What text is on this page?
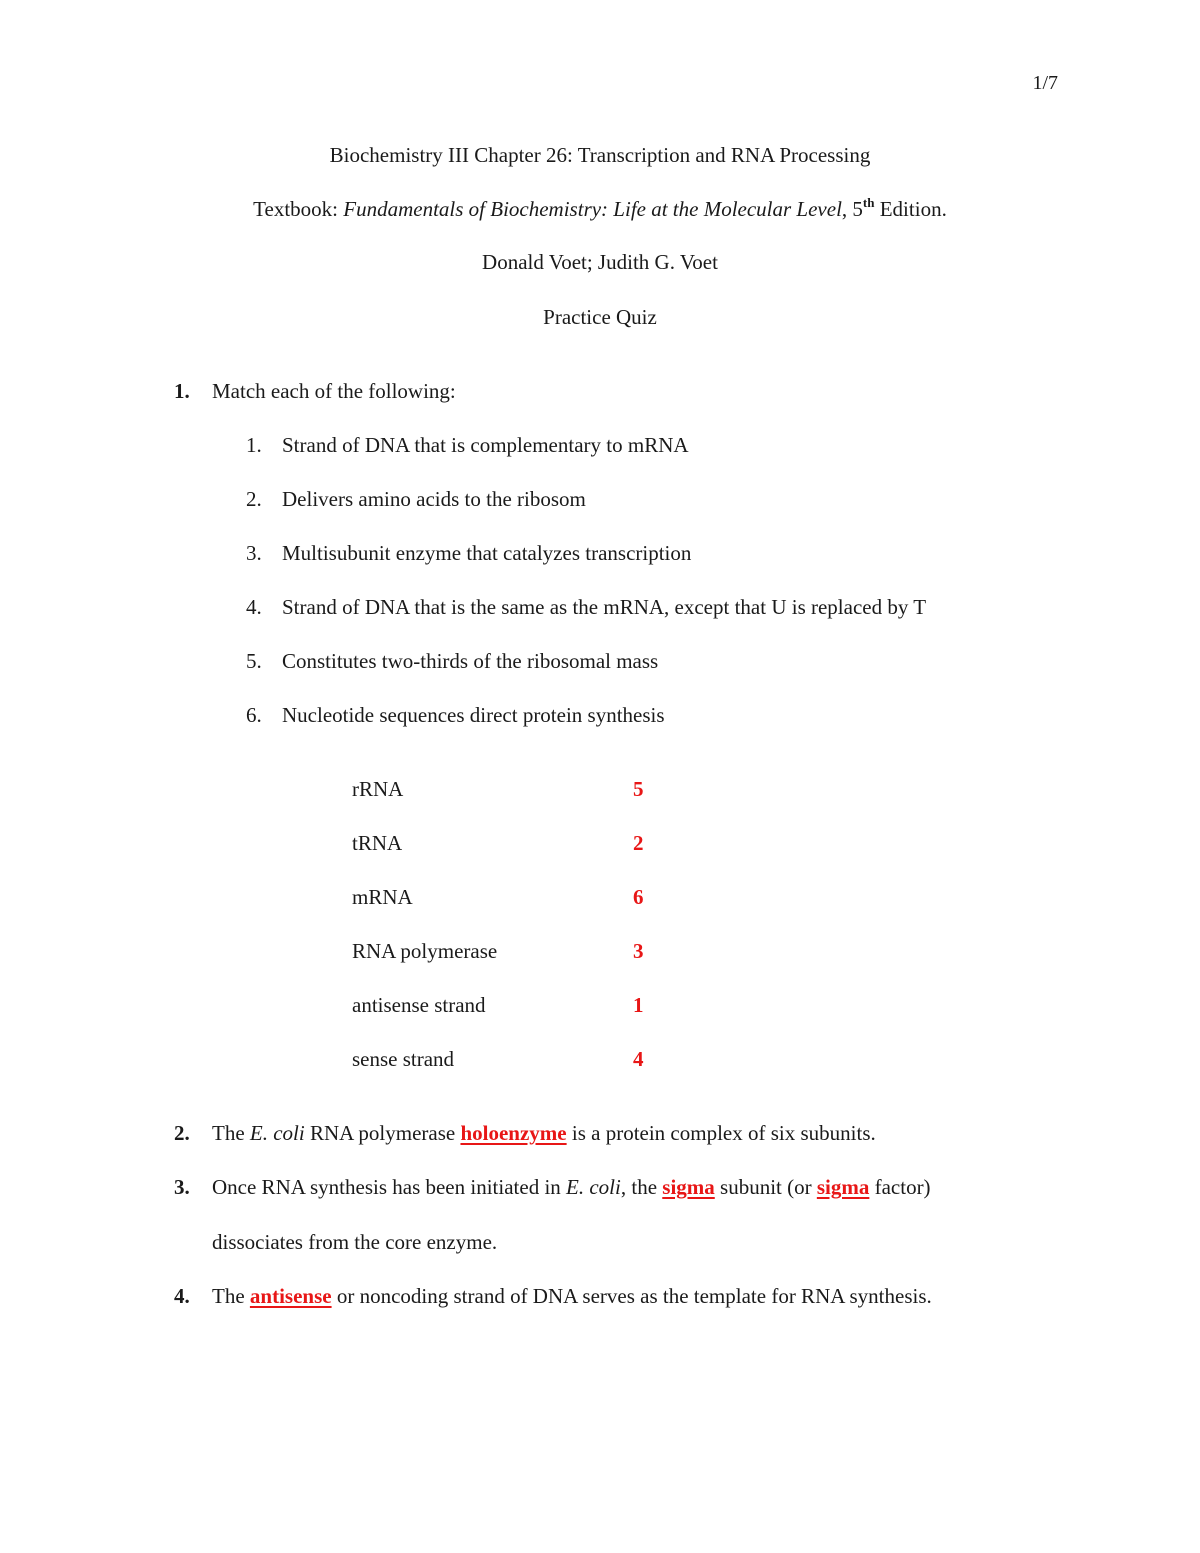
1/7
Biochemistry III Chapter 26: Transcription and RNA Processing
Textbook: Fundamentals of Biochemistry: Life at the Molecular Level, 5th Edition.
Donald Voet; Judith G. Voet
Practice Quiz
1. Match each of the following:
1. Strand of DNA that is complementary to mRNA
2. Delivers amino acids to the ribosom
3. Multisubunit enzyme that catalyzes transcription
4. Strand of DNA that is the same as the mRNA, except that U is replaced by T
5. Constitutes two-thirds of the ribosomal mass
6. Nucleotide sequences direct protein synthesis
rRNA	5
tRNA	2
mRNA	6
RNA polymerase	3
antisense strand	1
sense strand	4
2. The E. coli RNA polymerase holoenzyme is a protein complex of six subunits.
3. Once RNA synthesis has been initiated in E. coli, the sigma subunit (or sigma factor)
dissociates from the core enzyme.
4. The antisense or noncoding strand of DNA serves as the template for RNA synthesis.
